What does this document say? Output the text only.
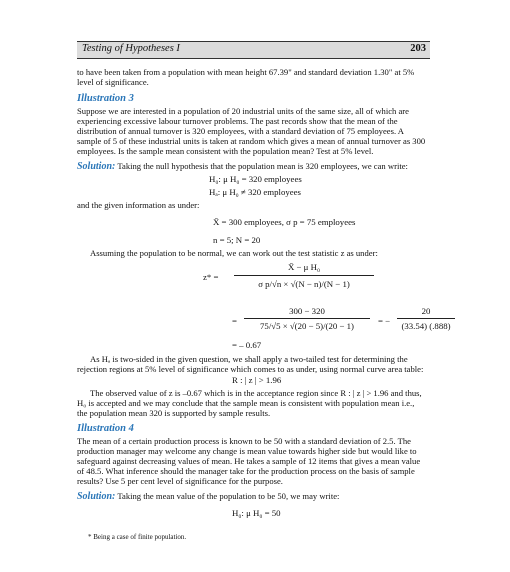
Testing of Hypotheses I	203
to have been taken from a population with mean height 67.39" and standard deviation 1.30" at 5%
level of significance.
Illustration 3
Suppose we are interested in a population of 20 industrial units of the same size, all of which are
experiencing excessive labour turnover problems. The past records show that the mean of the
distribution of annual turnover is 320 employees, with a standard deviation of 75 employees. A
sample of 5 of these industrial units is taken at random which gives a mean of annual turnover as 300
employees. Is the sample mean consistent with the population mean? Test at 5% level.
Solution: Taking the null hypothesis that the population mean is 320 employees, we can write:
H₀: μ H₀ = 320 employees
Hₐ: μ H₀ ≠ 320 employees
and the given information as under:
X̄ = 300 employees, σ p = 75 employees
n = 5; N = 20
Assuming the population to be normal, we can work out the test statistic z as under:
z* =
X̄ − μ H₀
σ p/√n × √(N − n)/(N − 1)
=
300 − 320
75/√5 × √(20 − 5)/(20 − 1)	= −
20
(33.54) (.888)
= – 0.67
As Hₐ is two-sided in the given question, we shall apply a two-tailed test for determining the
rejection regions at 5% level of significance which comes to as under, using normal curve area table:
R : | z | > 1.96
The observed value of z is –0.67 which is in the acceptance region since R : | z | > 1.96 and thus,
H₀ is accepted and we may conclude that the sample mean is consistent with population mean i.e.,
the population mean 320 is supported by sample results.
Illustration 4
The mean of a certain production process is known to be 50 with a standard deviation of 2.5. The
production manager may welcome any change is mean value towards higher side but would like to
safeguard against decreasing values of mean. He takes a sample of 12 items that gives a mean value
of 48.5. What inference should the manager take for the production process on the basis of sample
results? Use 5 per cent level of significance for the purpose.
Solution: Taking the mean value of the population to be 50, we may write:
H₀: μ H₀ = 50
* Being a case of finite population.
